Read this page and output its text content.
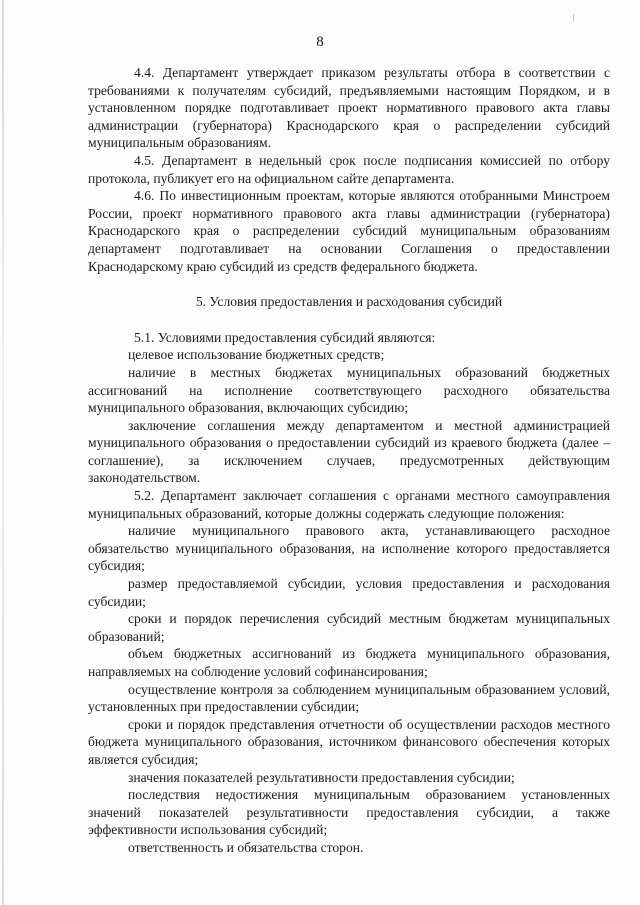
8

4.4. Департамент утверждает приказом результаты отбора в соответствии с требованиями к получателям субсидий, предъявляемыми настоящим Порядком, и в установленном порядке подготавливает проект нормативного правового акта главы администрации (губернатора) Краснодарского края о распределении субсидий муниципальным образованиям.

4.5. Департамент в недельный срок после подписания комиссией по отбору протокола, публикует его на официальном сайте департамента.

4.6. По инвестиционным проектам, которые являются отобранными Минстроем России, проект нормативного правового акта главы администрации (губернатора) Краснодарского края о распределении субсидий муниципальным образованиям департамент подготавливает на основании Соглашения о предоставлении Краснодарскому краю субсидий из средств федерального бюджета.

5. Условия предоставления и расходования субсидий

5.1. Условиями предоставления субсидий являются:

целевое использование бюджетных средств;

наличие в местных бюджетах муниципальных образований бюджетных ассигнований на исполнение соответствующего расходного обязательства муниципального образования, включающих субсидию;

заключение соглашения между департаментом и местной администрацией муниципального образования о предоставлении субсидий из краевого бюджета (далее – соглашение), за исключением случаев, предусмотренных действующим законодательством.

5.2. Департамент заключает соглашения с органами местного самоуправления муниципальных образований, которые должны содержать следующие положения:

наличие муниципального правового акта, устанавливающего расходное обязательство муниципального образования, на исполнение которого предоставляется субсидия;

размер предоставляемой субсидии, условия предоставления и расходования субсидии;

сроки и порядок перечисления субсидий местным бюджетам муниципальных образований;

объем бюджетных ассигнований из бюджета муниципального образования, направляемых на соблюдение условий софинансирования;

осуществление контроля за соблюдением муниципальным образованием условий, установленных при предоставлении субсидии;

сроки и порядок представления отчетности об осуществлении расходов местного бюджета муниципального образования, источником финансового обеспечения которых является субсидия;

значения показателей результативности предоставления субсидии;

последствия недостижения муниципальным образованием установленных значений показателей результативности предоставления субсидии, а также эффективности использования субсидий;

ответственность и обязательства сторон.
